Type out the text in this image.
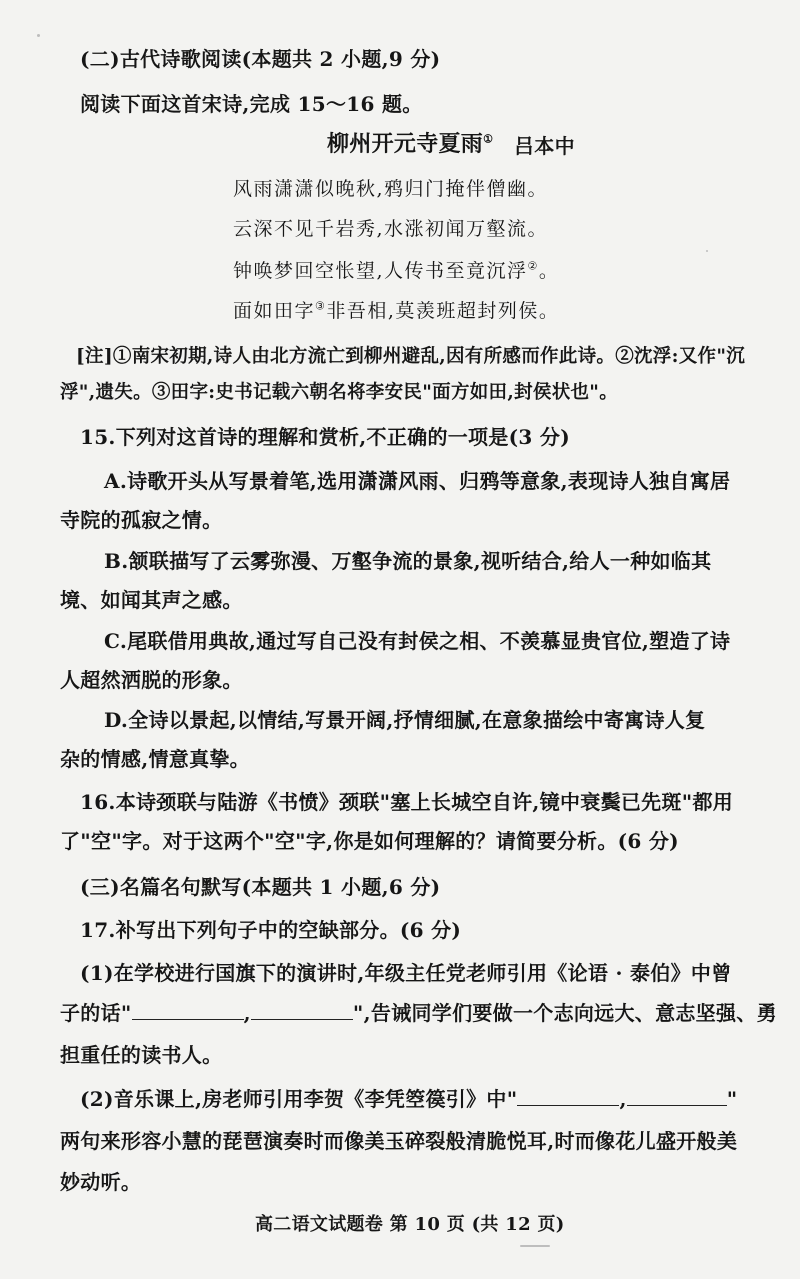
(二)古代诗歌阅读(本题共 2 小题,9 分)
阅读下面这首宋诗,完成 15～16 题。
柳州开元寺夏雨① 吕本中
风雨潇潇似晚秋,鸦归门掩伴僧幽。
云深不见千岩秀,水涨初闻万壑流。
钟唤梦回空怅望,人传书至竟沉浮②。
面如田字③非吾相,莫羡班超封列侯。
[注]①南宋初期,诗人由北方流亡到柳州避乱,因有所感而作此诗。②沈浮:又作"沉
浮",遗失。③田字:史书记载六朝名将李安民"面方如田,封侯状也"。
15.下列对这首诗的理解和赏析,不正确的一项是(3 分)
A.诗歌开头从写景着笔,选用潇潇风雨、归鸦等意象,表现诗人独自寓居
寺院的孤寂之情。
B.颔联描写了云雾弥漫、万壑争流的景象,视听结合,给人一种如临其
境、如闻其声之感。
C.尾联借用典故,通过写自己没有封侯之相、不羡慕显贵官位,塑造了诗
人超然洒脱的形象。
D.全诗以景起,以情结,写景开阔,抒情细腻,在意象描绘中寄寓诗人复
杂的情感,情意真挚。
16.本诗颈联与陆游《书愤》颈联"塞上长城空自许,镜中衰鬓已先斑"都用
了"空"字。对于这两个"空"字,你是如何理解的？请简要分析。(6 分)
(三)名篇名句默写(本题共 1 小题,6 分)
17.补写出下列句子中的空缺部分。(6 分)
(1)在学校进行国旗下的演讲时,年级主任党老师引用《论语 · 泰伯》中曾
子的话"	,	",告诫同学们要做一个志向远大、意志坚强、勇
担重任的读书人。
(2)音乐课上,房老师引用李贺《李凭箜篌引》中"	,	"
两句来形容小慧的琵琶演奏时而像美玉碎裂般清脆悦耳,时而像花儿盛开般美
妙动听。
高二语文试题卷 第 10 页 (共 12 页)
